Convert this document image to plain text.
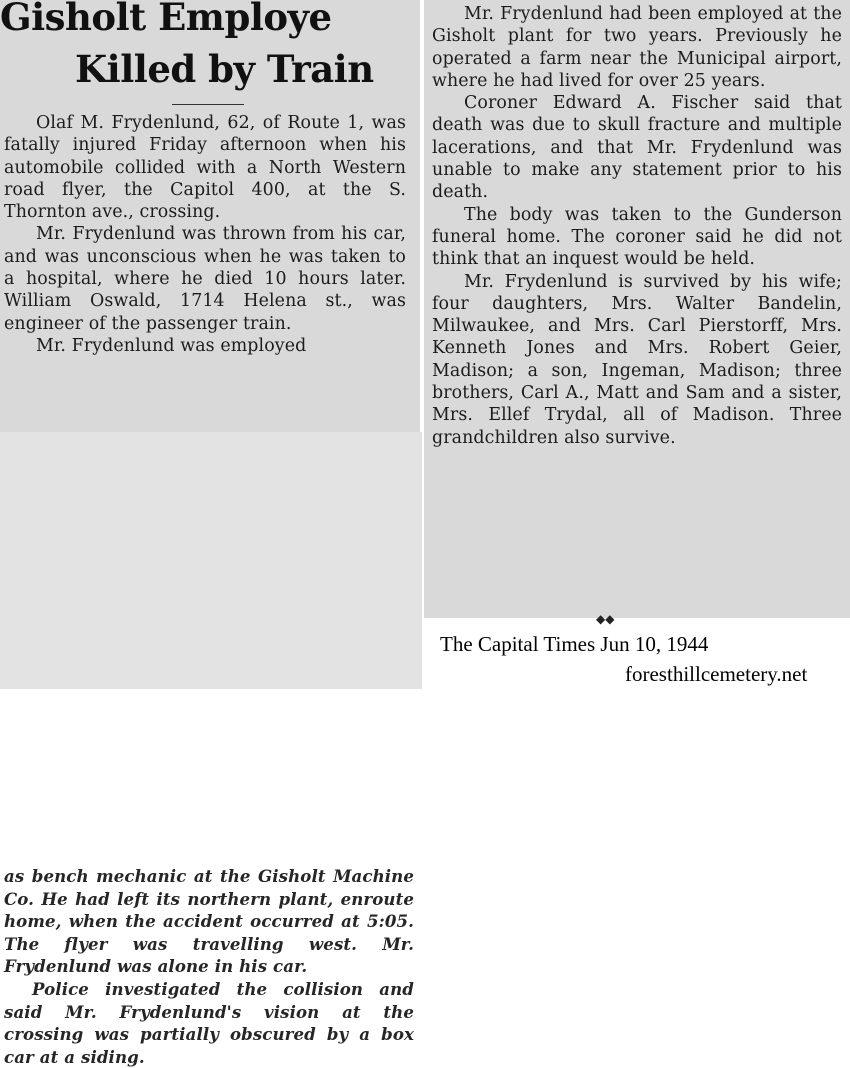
Gisholt Employe
Killed by Train

Olaf M. Frydenlund, 62, of Route 1, was fatally injured Friday afternoon when his automobile collided with a North Western road flyer, the Capitol 400, at the S. Thornton ave., crossing.

Mr. Frydenlund was thrown from his car, and was unconscious when he was taken to a hospital, where he died 10 hours later. William Oswald, 1714 Helena st., was engineer of the passenger train.

Mr. Frydenlund was employed

as bench mechanic at the Gisholt Machine Co. He had left its northern plant, enroute home, when the accident occurred at 5:05. The flyer was travelling west. Mr. Frydenlund was alone in his car.

Police investigated the collision and said Mr. Frydenlund's vision at the crossing was partially obscured by a box car at a siding.

Mr. Frydenlund had been employed at the Gisholt plant for two years. Previously he operated a farm near the Municipal airport, where he had lived for over 25 years.

Coroner Edward A. Fischer said that death was due to skull fracture and multiple lacerations, and that Mr. Frydenlund was unable to make any statement prior to his death.

The body was taken to the Gunderson funeral home. The coroner said he did not think that an inquest would be held.

Mr. Frydenlund is survived by his wife; four daughters, Mrs. Walter Bandelin, Milwaukee, and Mrs. Carl Pierstorff, Mrs. Kenneth Jones and Mrs. Robert Geier, Madison; a son, Ingeman, Madison; three brothers, Carl A., Matt and Sam and a sister, Mrs. Ellef Trydal, all of Madison. Three grandchildren also survive.

◆◆
The Capital Times Jun 10, 1944
foresthillcemetery.net
